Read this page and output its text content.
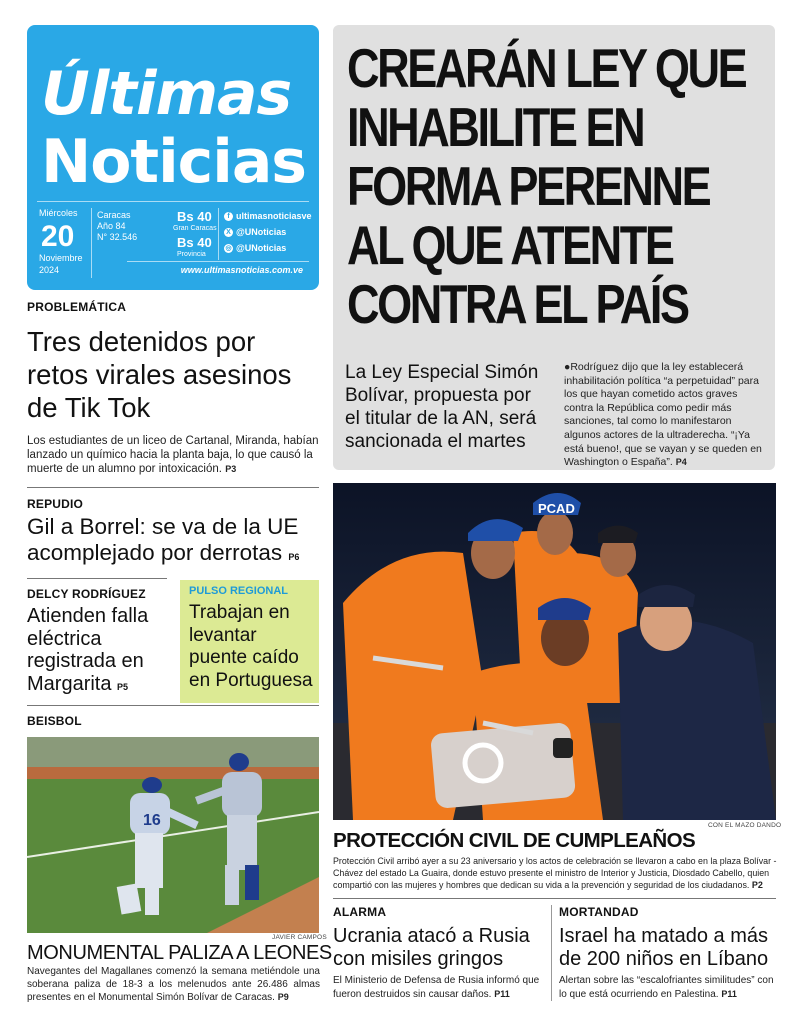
Últimas
Noticias
Miércoles
20
Noviembre
2024
Caracas
Año 84
N° 32.546
Bs 40
Gran Caracas
Bs 40
Provincia
f ultimasnoticiasve
X @UNoticias
◎ @UNoticias
www.ultimasnoticias.com.ve
CREARÁN LEY QUE
INHABILITE EN
FORMA PERENNE
AL QUE ATENTE
CONTRA EL PAÍS
La Ley Especial Simón Bolívar, propuesta por el titular de la AN, será sancionada el martes
●Rodríguez dijo que la ley establecerá inhabilitación política “a perpetuidad” para los que hayan cometido actos graves contra la República como pedir más sanciones, tal como lo manifestaron algunos actores de la ultraderecha. “¡Ya está bueno!, que se vayan y se queden en Washington o España”. P4
PROBLEMÁTICA
Tres detenidos por retos virales asesinos de Tik Tok
Los estudiantes de un liceo de Cartanal, Miranda, habían lanzado un químico hacia la planta baja, lo que causó la muerte de un alumno por intoxicación. P3
REPUDIO
Gil a Borrel: se va de la UE acomplejado por derrotas P6
DELCY RODRÍGUEZ
Atienden falla eléctrica registrada en Margarita P5
PULSO REGIONAL
Trabajan en levantar puente caído en Portuguesa
BEISBOL
16
JAVIER CAMPOS
MONUMENTAL PALIZA A LEONES
Navegantes del Magallanes comenzó la semana metiéndole una soberana paliza de 18-3 a los melenudos ante 26.486 almas presentes en el Monumental Simón Bolívar de Caracas. P9
PCAD
CON EL MAZO DANDO
PROTECCIÓN CIVIL DE CUMPLEAÑOS
Protección Civil arribó ayer a su 23 aniversario y los actos de celebración se llevaron a cabo en la plaza Bolívar - Chávez del estado La Guaira, donde estuvo presente el ministro de Interior y Justicia, Diosdado Cabello, quien compartió con las mujeres y hombres que dedican su vida a la prevención y seguridad de los ciudadanos. P2
ALARMA
Ucrania atacó a Rusia con misiles gringos
El Ministerio de Defensa de Rusia informó que fueron destruidos sin causar daños. P11
MORTANDAD
Israel ha matado a más de 200 niños en Líbano
Alertan sobre las “escalofriantes similitudes” con lo que está ocurriendo en Palestina. P11
